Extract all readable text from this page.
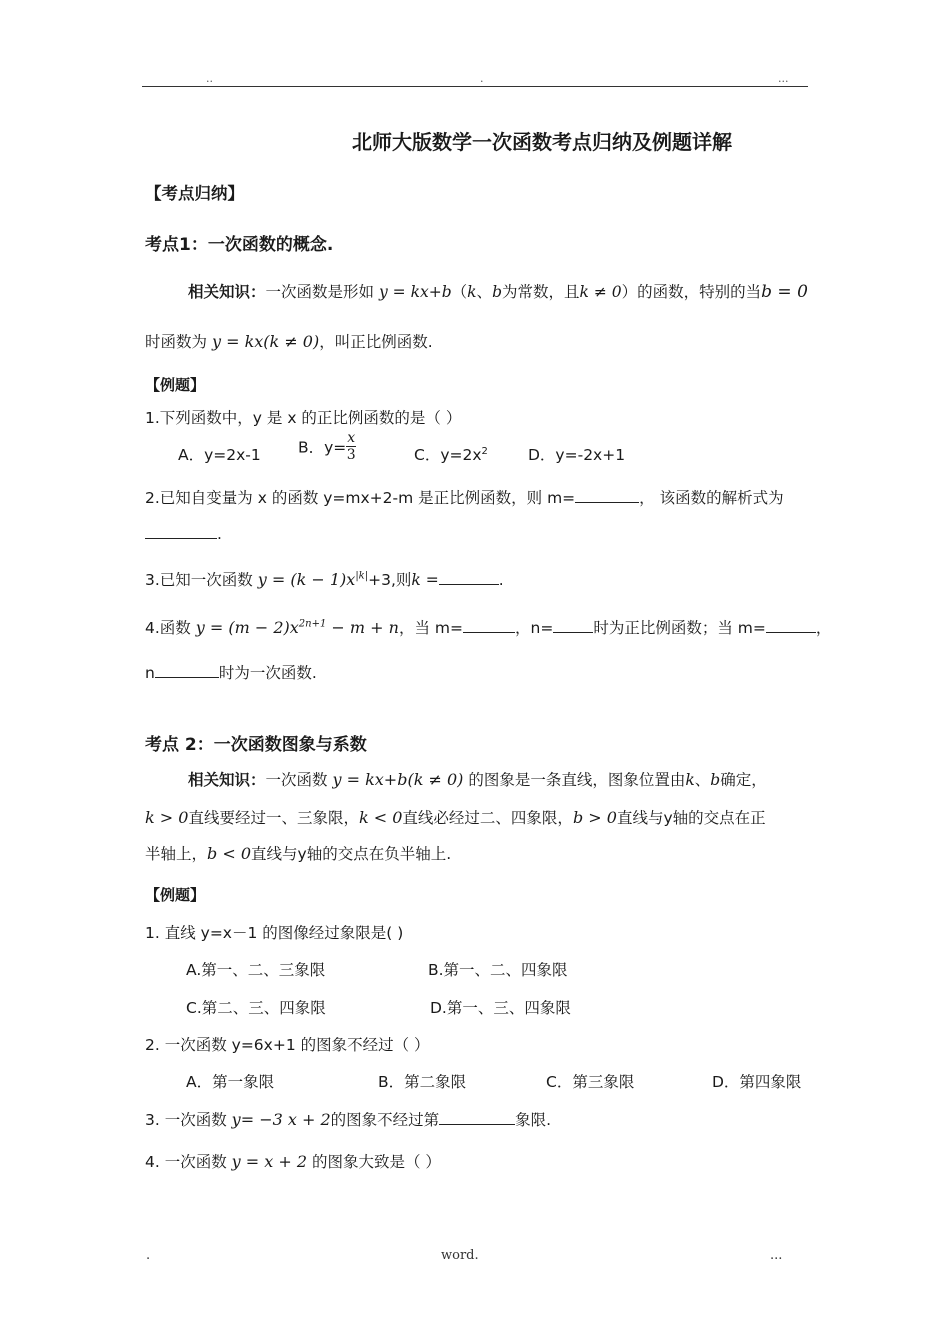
..	.	...
北师大版数学一次函数考点归纳及例题详解
【考点归纳】
考点1：一次函数的概念.
相关知识：一次函数是形如 y = kx+b（k、b为常数，且k ≠ 0）的函数，特别的当b = 0
时函数为 y = kx(k ≠ 0)，叫正比例函数.
【例题】
1.下列函数中，y 是 x 的正比例函数的是（ ）
A．y=2x-1 B．$y= \frac{x}{3}$	C．$y=2x^2$	D．y=-2x+1
2.已知自变量为 x 的函数 y=mx+2-m 是正比例函数，则 m=	， 该函数的解析式为
.
3.已知一次函数 $y = (k - 1)x^{|k|}+3$,则k =	.
4.函数 $y = (m - 2)x^{2n+1} - m + n$，当 m=	，n=	时为正比例函数；当 m=	，
n	时为一次函数.
考点 2：一次函数图象与系数
相关知识：一次函数 y = kx+b(k ≠ 0) 的图象是一条直线，图象位置由k、b确定，
k > 0直线要经过一、三象限，k < 0直线必经过二、四象限，b > 0直线与y轴的交点在正
半轴上，b < 0直线与y轴的交点在负半轴上.
【例题】
1. 直线 y=x－1 的图像经过象限是( )
A.第一、二、三象限	B.第一、二、四象限
C.第二、三、四象限	D.第一、三、四象限
2. 一次函数 y=6x+1 的图象不经过（ ）
A．第一象限	B．第二象限	C．第三象限	D．第四象限
3. 一次函数 y= −3 x + 2的图象不经过第	象限.
4. 一次函数 y = x + 2 的图象大致是（ ）
.	word.	...
